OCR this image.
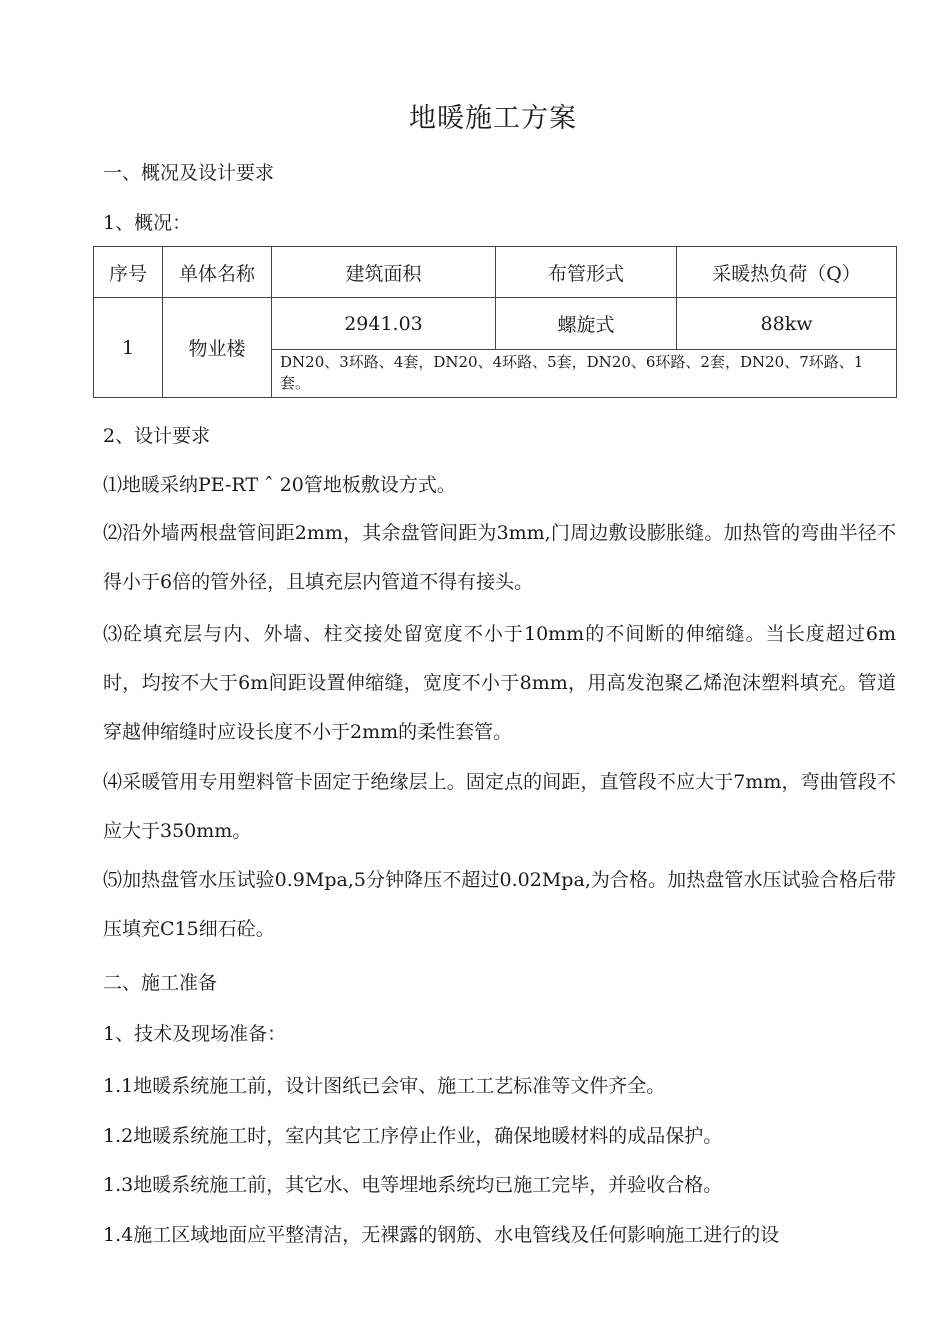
地暖施工方案
一、概况及设计要求
1、概况：
序号	单体名称	建筑面积	布管形式	采暖热负荷（Q）
1	物业楼	2941.03	螺旋式	88kw
		DN20、3环路、4套，DN20、4环路、5套，DN20、6环路、2套，DN20、7环路、1套。		
2、设计要求
⑴地暖采纳PE-RT ˆ 20管地板敷设方式。
⑵沿外墙两根盘管间距2mm，其余盘管间距为3mm,门周边敷设膨胀缝。加热管的弯曲半径不得小于6倍的管外径，且填充层内管道不得有接头。
⑶砼填充层与内、外墙、柱交接处留宽度不小于10mm的不间断的伸缩缝。当长度超过6m时，均按不大于6m间距设置伸缩缝，宽度不小于8mm，用高发泡聚乙烯泡沫塑料填充。管道穿越伸缩缝时应设长度不小于2mm的柔性套管。
⑷采暖管用专用塑料管卡固定于绝缘层上。固定点的间距，直管段不应大于7mm，弯曲管段不应大于350mm。
⑸加热盘管水压试验0.9Mpa,5分钟降压不超过0.02Mpa,为合格。加热盘管水压试验合格后带压填充C15细石砼。
二、施工准备
1、技术及现场准备：
1.1地暖系统施工前，设计图纸已会审、施工工艺标准等文件齐全。
1.2地暖系统施工时，室内其它工序停止作业，确保地暖材料的成品保护。
1.3地暖系统施工前，其它水、电等埋地系统均已施工完毕，并验收合格。
1.4施工区域地面应平整清洁，无裸露的钢筋、水电管线及任何影响施工进行的设
